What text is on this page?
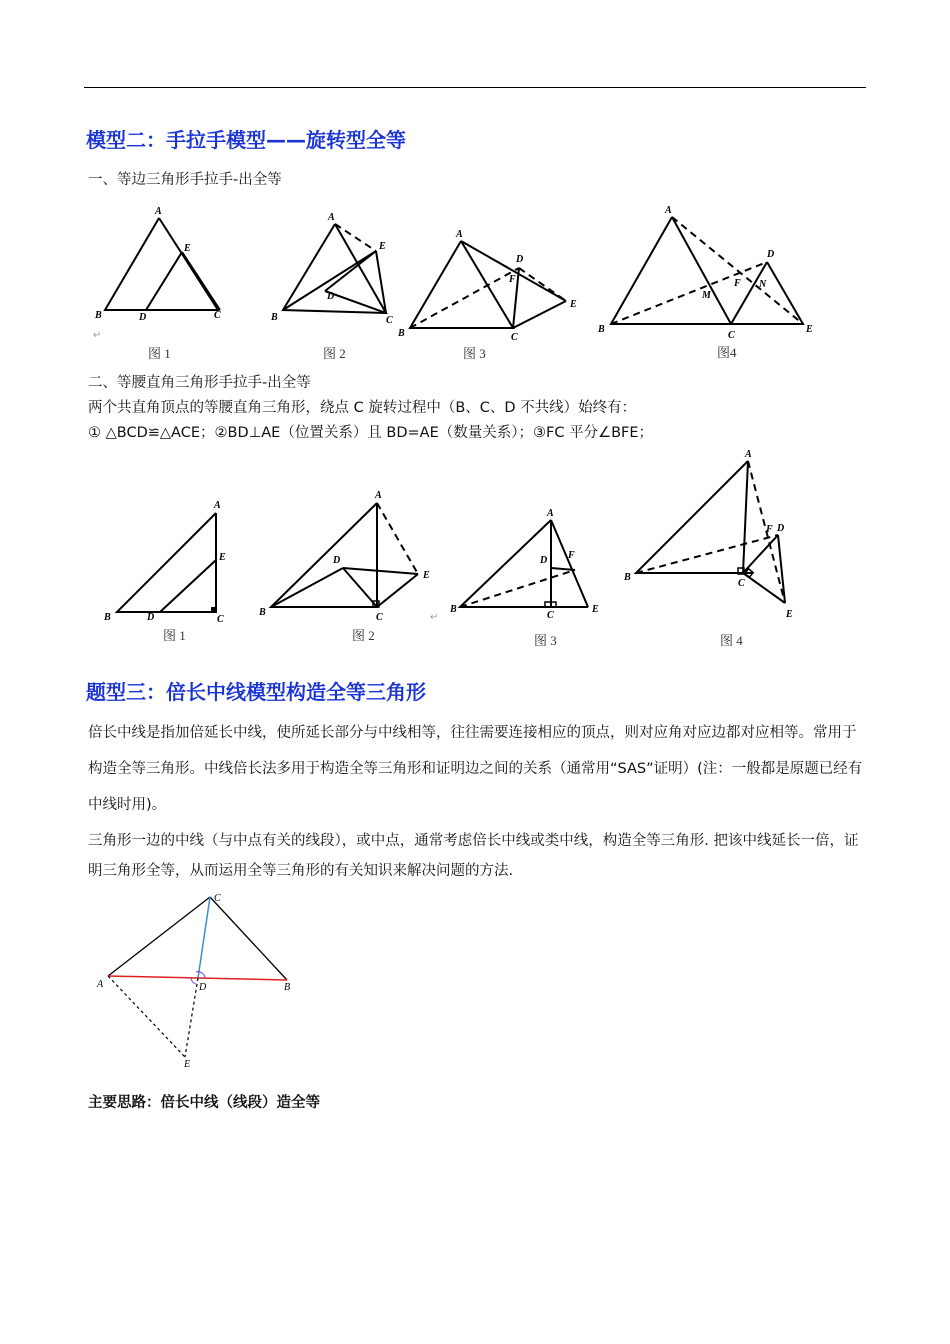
模型二：手拉手模型——旋转型全等
一、等边三角形手拉手-出全等
A
E
B	D	C
↵
图 1
A
E
D
B	C
图 2
A
D
F
E
B	C
图 3
A
D
F N
M
B
C
E
图4
二、等腰直角三角形手拉手-出全等
两个共直角顶点的等腰直角三角形，绕点 C 旋转过程中（B、C、D 不共线）始终有：
① △BCD≌△ACE；②BD⊥AE（位置关系）且 BD=AE（数量关系）；③FC 平分∠BFE；
A
E
B	D	C
图 1
A
D
E
B	C
图 2
↵
A
D F
B
C
E
图 3
A
F D
B
C
E
图 4
题型三：倍长中线模型构造全等三角形
倍长中线是指加倍延长中线，使所延长部分与中线相等，往往需要连接相应的顶点，则对应角对应边都对应相等。常用于构造全等三角形。中线倍长法多用于构造全等三角形和证明边之间的关系（通常用“SAS”证明）(注：一般都是原题已经有中线时用)。
三角形一边的中线（与中点有关的线段），或中点，通常考虑倍长中线或类中线，构造全等三角形. 把该中线延长一倍，证明三角形全等，从而运用全等三角形的有关知识来解决问题的方法.
C
A	D	B
E
主要思路：倍长中线（线段）造全等
